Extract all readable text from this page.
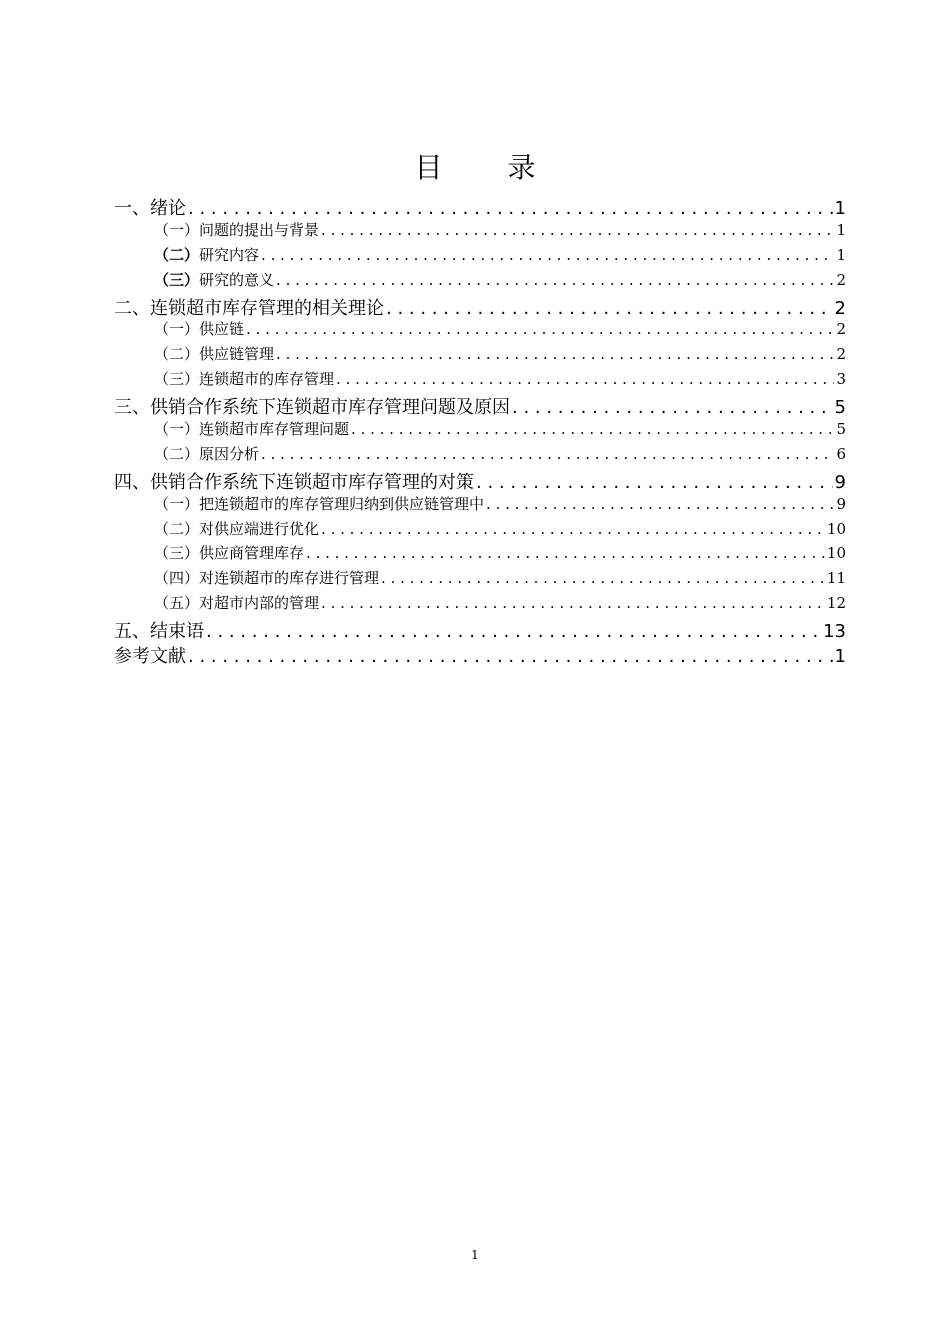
目 录
一、 绪论 . . .	1
（一） 问题的提出与背景 . . .	1
（二） 研究内容 . . .	1
（三） 研究的意义 . . .	2
二、 连锁超市库存管理的相关理论 . . .	2
（一） 供应链 . . .	2
（二） 供应链管理 . . .	2
（三） 连锁超市的库存管理 . . .	3
三、 供销合作系统下连锁超市库存管理问题及原因 . . .	5
（一） 连锁超市库存管理问题 . . .	5
（二） 原因分析 . . .	6
四、 供销合作系统下连锁超市库存管理的对策 . . .	9
（一） 把连锁超市的库存管理归纳到供应链管理中 . . .	9
（二） 对供应端进行优化 . . .	10
（三） 供应商管理库存 . . .	10
（四） 对连锁超市的库存进行管理 . . .	11
（五） 对超市内部的管理 . . .	12
五、 结束语 . . .	13
参考文献 . . .	1
1
